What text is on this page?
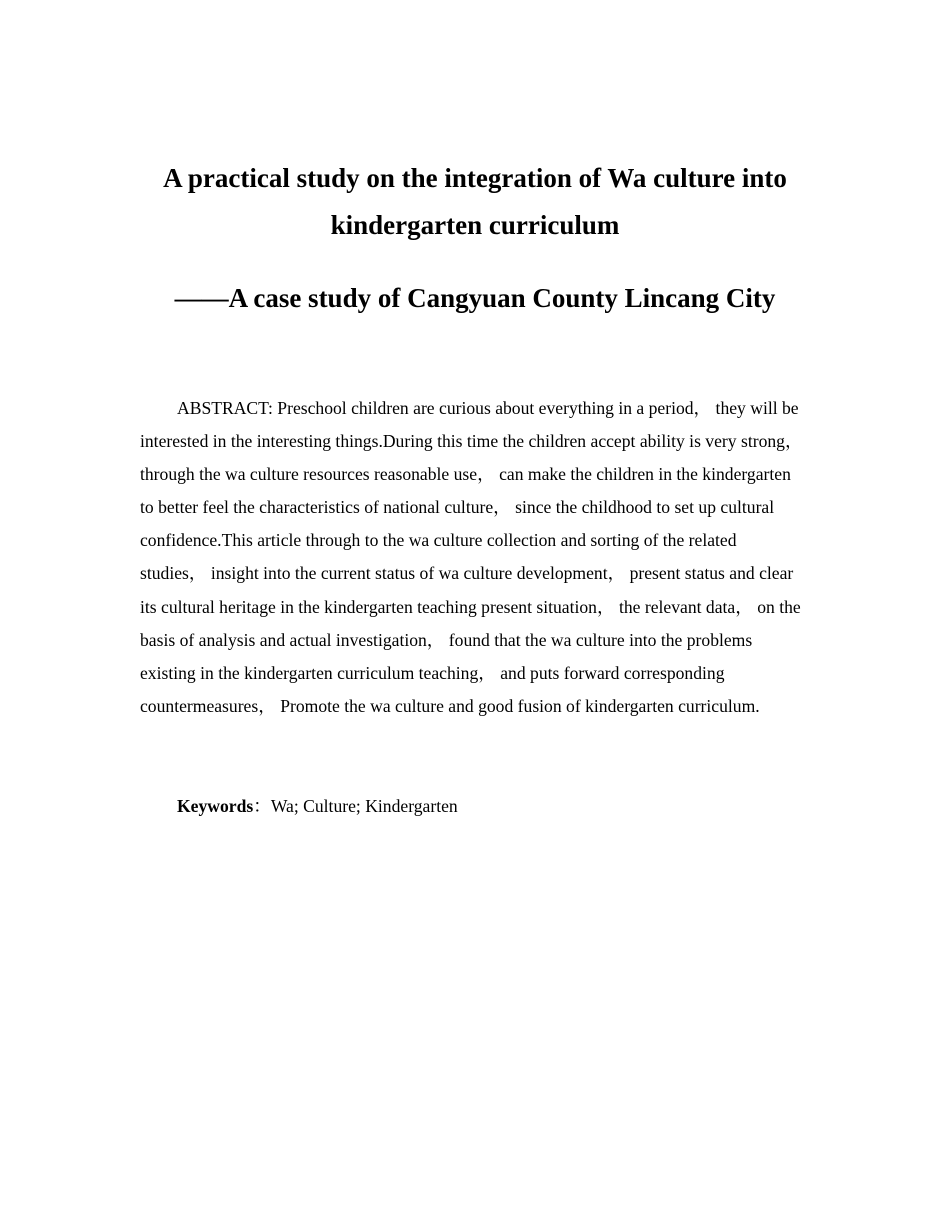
A practical study on the integration of Wa culture into kindergarten curriculum
——A case study of Cangyuan County Lincang City

ABSTRACT: Preschool children are curious about everything in a period， they will be interested in the interesting things.During this time the children accept ability is very strong， through the wa culture resources reasonable use， can make the children in the kindergarten to better feel the characteristics of national culture， since the childhood to set up cultural confidence.This article through to the wa culture collection and sorting of the related studies， insight into the current status of wa culture development， present status and clear its cultural heritage in the kindergarten teaching present situation， the relevant data， on the basis of analysis and actual investigation， found that the wa culture into the problems existing in the kindergarten curriculum teaching， and puts forward corresponding countermeasures， Promote the wa culture and good fusion of kindergarten curriculum.

Keywords：Wa; Culture; Kindergarten
